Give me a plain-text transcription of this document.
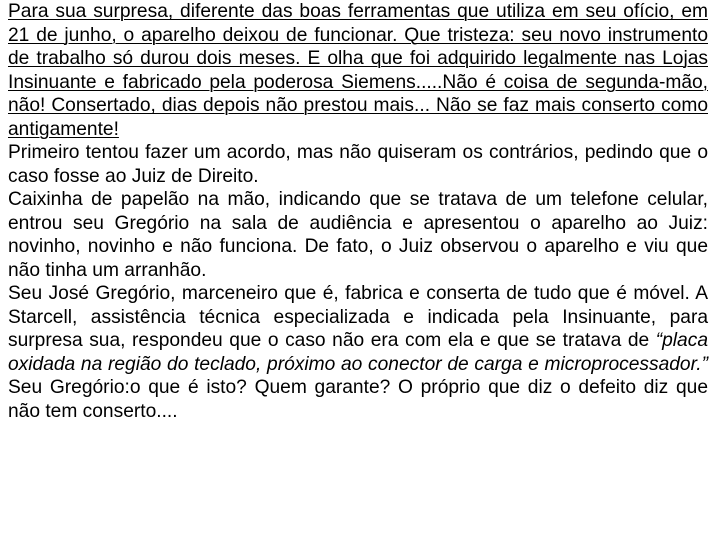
Para sua surpresa, diferente das boas ferramentas que utiliza em seu ofício, em 21 de junho, o aparelho deixou de funcionar. Que tristeza: seu novo instrumento de trabalho só durou dois meses. E olha que foi adquirido legalmente nas Lojas Insinuante e fabricado pela poderosa Siemens.....Não é coisa de segunda-mão, não! Consertado, dias depois não prestou mais... Não se faz mais conserto como antigamente!

Primeiro tentou fazer um acordo, mas não quiseram os contrários, pedindo que o caso fosse ao Juiz de Direito.

Caixinha de papelão na mão, indicando que se tratava de um telefone celular, entrou seu Gregório na sala de audiência e apresentou o aparelho ao Juiz: novinho, novinho e não funciona. De fato, o Juiz observou o aparelho e viu que não tinha um arranhão.

Seu José Gregório, marceneiro que é, fabrica e conserta de tudo que é móvel. A Starcell, assistência técnica especializada e indicada pela Insinuante, para surpresa sua, respondeu que o caso não era com ela e que se tratava de “placa oxidada na região do teclado, próximo ao conector de carga e microprocessador.” Seu Gregório:o que é isto? Quem garante? O próprio que diz o defeito diz que não tem conserto....
